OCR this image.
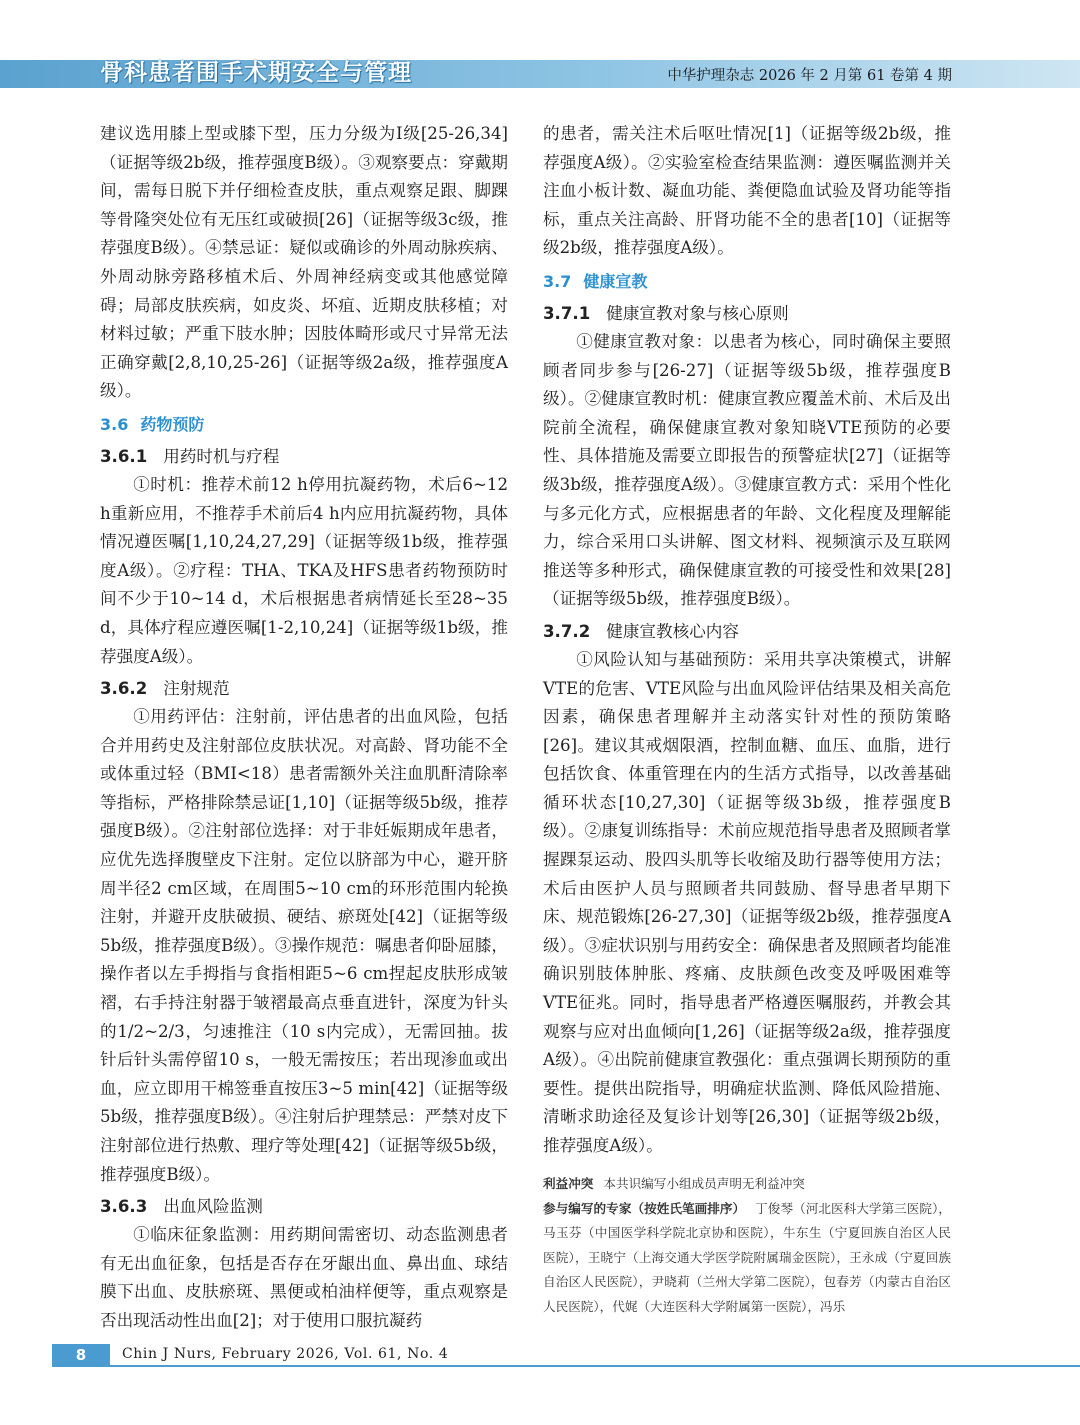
骨科患者围手术期安全与管理	中华护理杂志 2026 年 2 月第 61 卷第 4 期

建议选用膝上型或膝下型，压力分级为Ⅰ级[25-26,34]（证据等级2b级，推荐强度B级）。③观察要点：穿戴期间，需每日脱下并仔细检查皮肤，重点观察足跟、脚踝等骨隆突处位有无压红或破损[26]（证据等级3c级，推荐强度B级）。④禁忌证：疑似或确诊的外周动脉疾病、外周动脉旁路移植术后、外周神经病变或其他感觉障碍；局部皮肤疾病，如皮炎、坏疽、近期皮肤移植；对材料过敏；严重下肢水肿；因肢体畸形或尺寸异常无法正确穿戴[2,8,10,25-26]（证据等级2a级，推荐强度A级）。

3.6 药物预防
3.6.1 用药时机与疗程

①时机：推荐术前12 h停用抗凝药物，术后6~12 h重新应用，不推荐手术前后4 h内应用抗凝药物，具体情况遵医嘱[1,10,24,27,29]（证据等级1b级，推荐强度A级）。②疗程：THA、TKA及HFS患者药物预防时间不少于10~14 d，术后根据患者病情延长至28~35 d，具体疗程应遵医嘱[1-2,10,24]（证据等级1b级，推荐强度A级）。

3.6.2 注射规范

①用药评估：注射前，评估患者的出血风险，包括合并用药史及注射部位皮肤状况。对高龄、肾功能不全或体重过轻（BMI<18）患者需额外关注血肌酐清除率等指标，严格排除禁忌证[1,10]（证据等级5b级，推荐强度B级）。②注射部位选择：对于非妊娠期成年患者，应优先选择腹壁皮下注射。定位以脐部为中心，避开脐周半径2 cm区域，在周围5~10 cm的环形范围内轮换注射，并避开皮肤破损、硬结、瘀斑处[42]（证据等级5b级，推荐强度B级）。③操作规范：嘱患者仰卧屈膝，操作者以左手拇指与食指相距5~6 cm捏起皮肤形成皱褶，右手持注射器于皱褶最高点垂直进针，深度为针头的1/2~2/3，匀速推注（10 s内完成），无需回抽。拔针后针头需停留10 s，一般无需按压；若出现渗血或出血，应立即用干棉签垂直按压3~5 min[42]（证据等级5b级，推荐强度B级）。④注射后护理禁忌：严禁对皮下注射部位进行热敷、理疗等处理[42]（证据等级5b级，推荐强度B级）。

3.6.3 出血风险监测

①临床征象监测：用药期间需密切、动态监测患者有无出血征象，包括是否存在牙龈出血、鼻出血、球结膜下出血、皮肤瘀斑、黑便或柏油样便等，重点观察是否出现活动性出血[2]；对于使用口服抗凝药

的患者，需关注术后呕吐情况[1]（证据等级2b级，推荐强度A级）。②实验室检查结果监测：遵医嘱监测并关注血小板计数、凝血功能、粪便隐血试验及肾功能等指标，重点关注高龄、肝肾功能不全的患者[10]（证据等级2b级，推荐强度A级）。

3.7 健康宣教
3.7.1 健康宣教对象与核心原则

①健康宣教对象：以患者为核心，同时确保主要照顾者同步参与[26-27]（证据等级5b级，推荐强度B级）。②健康宣教时机：健康宣教应覆盖术前、术后及出院前全流程，确保健康宣教对象知晓VTE预防的必要性、具体措施及需要立即报告的预警症状[27]（证据等级3b级，推荐强度A级）。③健康宣教方式：采用个性化与多元化方式，应根据患者的年龄、文化程度及理解能力，综合采用口头讲解、图文材料、视频演示及互联网推送等多种形式，确保健康宣教的可接受性和效果[28]（证据等级5b级，推荐强度B级）。

3.7.2 健康宣教核心内容

①风险认知与基础预防：采用共享决策模式，讲解VTE的危害、VTE风险与出血风险评估结果及相关高危因素，确保患者理解并主动落实针对性的预防策略[26]。建议其戒烟限酒，控制血糖、血压、血脂，进行包括饮食、体重管理在内的生活方式指导，以改善基础循环状态[10,27,30]（证据等级3b级，推荐强度B级）。②康复训练指导：术前应规范指导患者及照顾者掌握踝泵运动、股四头肌等长收缩及助行器等使用方法；术后由医护人员与照顾者共同鼓励、督导患者早期下床、规范锻炼[26-27,30]（证据等级2b级，推荐强度A级）。③症状识别与用药安全：确保患者及照顾者均能准确识别肢体肿胀、疼痛、皮肤颜色改变及呼吸困难等VTE征兆。同时，指导患者严格遵医嘱服药，并教会其观察与应对出血倾向[1,26]（证据等级2a级，推荐强度A级）。④出院前健康宣教强化：重点强调长期预防的重要性。提供出院指导，明确症状监测、降低风险措施、清晰求助途径及复诊计划等[26,30]（证据等级2b级，推荐强度A级）。

利益冲突 本共识编写小组成员声明无利益冲突

参与编写的专家（按姓氏笔画排序） 丁俊琴（河北医科大学第三医院），马玉芬（中国医学科学院北京协和医院），牛东生（宁夏回族自治区人民医院），王晓宁（上海交通大学医学院附属瑞金医院），王永成（宁夏回族自治区人民医院），尹晓莉（兰州大学第二医院），包春芳（内蒙古自治区人民医院），代娓（大连医科大学附属第一医院），冯乐

8	Chin J Nurs, February 2026, Vol. 61, No. 4
